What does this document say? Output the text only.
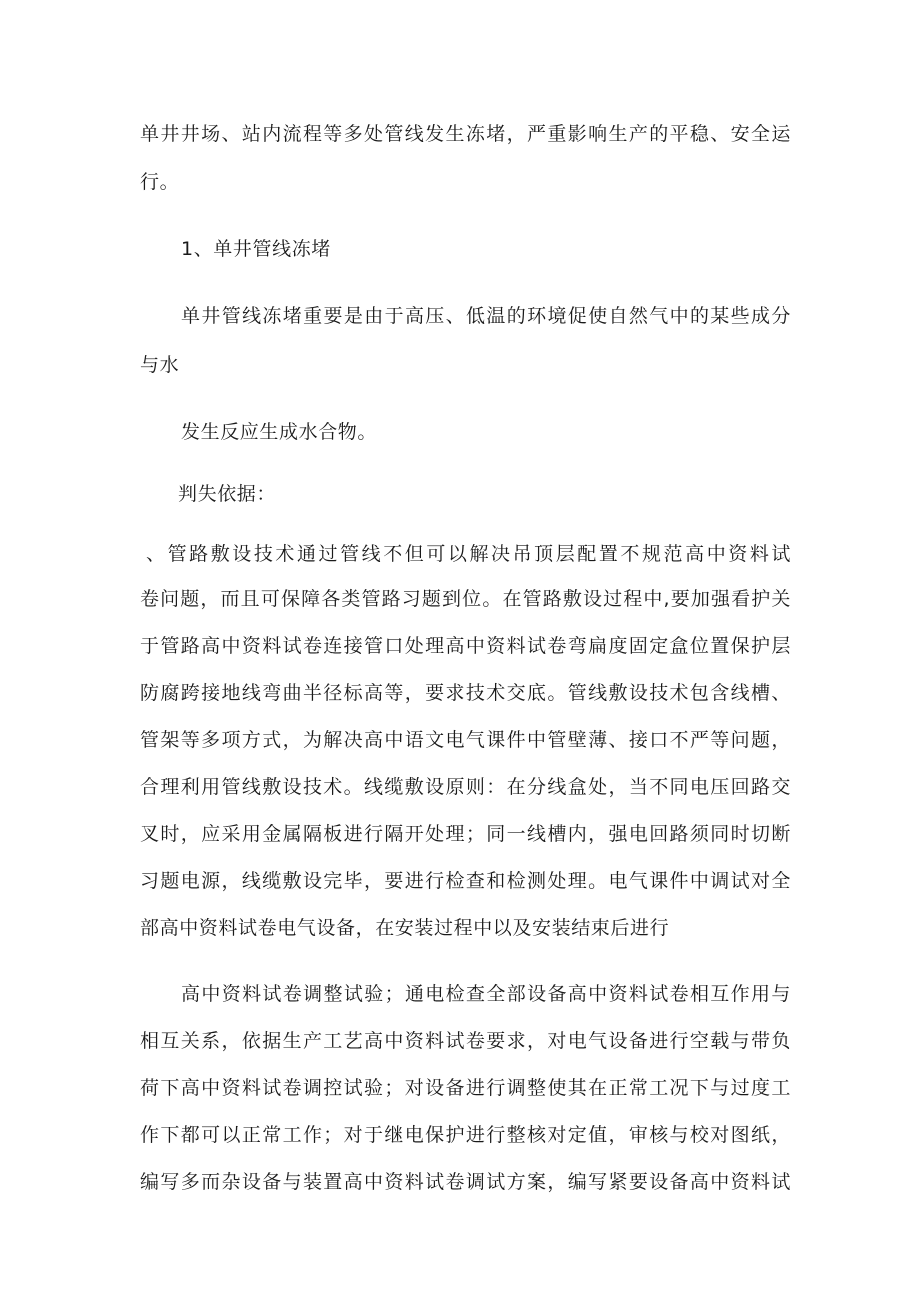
单井井场、站内流程等多处管线发生冻堵，严重影响生产的平稳、安全运
行。
1、单井管线冻堵
单井管线冻堵重要是由于高压、低温的环境促使自然气中的某些成分
与水
发生反应生成水合物。
判失依据：
、管路敷设技术通过管线不但可以解决吊顶层配置不规范高中资料试
卷问题，而且可保障各类管路习题到位。在管路敷设过程中,要加强看护关
于管路高中资料试卷连接管口处理高中资料试卷弯扁度固定盒位置保护层
防腐跨接地线弯曲半径标高等，要求技术交底。管线敷设技术包含线槽、
管架等多项方式，为解决高中语文电气课件中管壁薄、接口不严等问题，
合理利用管线敷设技术。线缆敷设原则：在分线盒处，当不同电压回路交
叉时，应采用金属隔板进行隔开处理；同一线槽内，强电回路须同时切断
习题电源，线缆敷设完毕，要进行检查和检测处理。电气课件中调试对全
部高中资料试卷电气设备，在安装过程中以及安装结束后进行
高中资料试卷调整试验；通电检查全部设备高中资料试卷相互作用与
相互关系，依据生产工艺高中资料试卷要求，对电气设备进行空载与带负
荷下高中资料试卷调控试验；对设备进行调整使其在正常工况下与过度工
作下都可以正常工作；对于继电保护进行整核对定值，审核与校对图纸，
编写多而杂设备与装置高中资料试卷调试方案，编写紧要设备高中资料试
